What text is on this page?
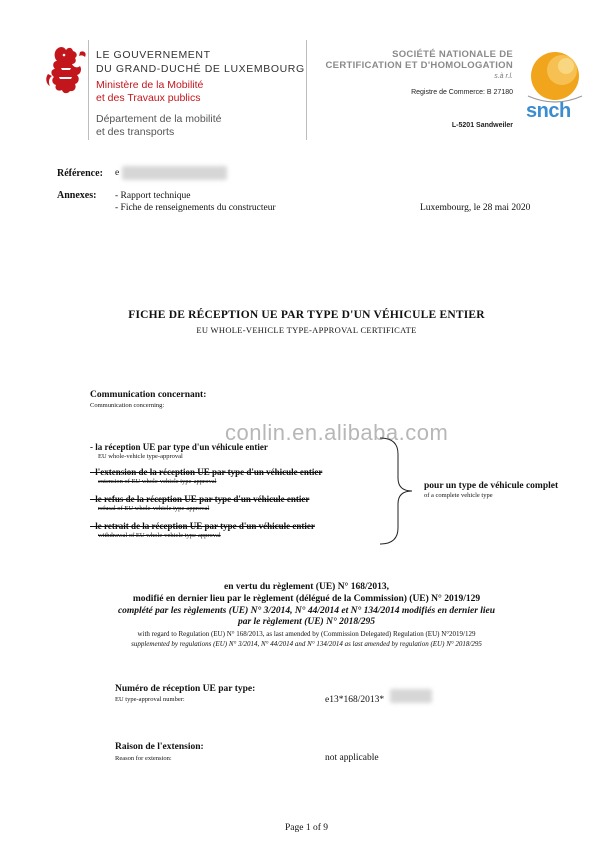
LE GOUVERNEMENT
DU GRAND-DUCHÉ DE LUXEMBOURG
Ministère de la Mobilité
et des Travaux publics
Département de la mobilité
et des transports
SOCIÉTÉ NATIONALE DE
CERTIFICATION ET D'HOMOLOGATION
s.à r.l.
Registre de Commerce: B 27180
L-5201 Sandweiler
snch
Référence: e
Annexes: - Rapport technique
- Fiche de renseignements du constructeur	Luxembourg, le 28 mai 2020
FICHE DE RÉCEPTION UE PAR TYPE D'UN VÉHICULE ENTIER
EU WHOLE-VEHICLE TYPE-APPROVAL CERTIFICATE
Communication concernant:
Communication concerning:
conlin.en.alibaba.com
- la réception UE par type d'un véhicule entier
EU whole-vehicle type-approval
- l'extension de la réception UE par type d'un véhicule entier
extension of EU whole-vehicle type-approval
- le refus de la réception UE par type d'un véhicule entier
refusal of EU whole-vehicle type-approval
- le retrait de la réception UE par type d'un véhicule entier
withdrawal of EU whole-vehicle type-approval
pour un type de véhicule complet
of a complete vehicle type
en vertu du règlement (UE) N° 168/2013,
modifié en dernier lieu par le règlement (délégué de la Commission) (UE) N° 2019/129
complété par les règlements (UE) N° 3/2014, N° 44/2014 et N° 134/2014 modifiés en dernier lieu
par le règlement (UE) N° 2018/295
with regard to Regulation (EU) N° 168/2013, as last amended by (Commission Delegated) Regulation (EU) N°2019/129
supplemented by regulations (EU) N° 3/2014, N° 44/2014 and N° 134/2014 as last amended by regulation (EU) N° 2018/295
Numéro de réception UE par type:
EU type-approval number:	e13*168/2013*
Raison de l'extension:
Reason for extension:	not applicable
Page 1 of 9
